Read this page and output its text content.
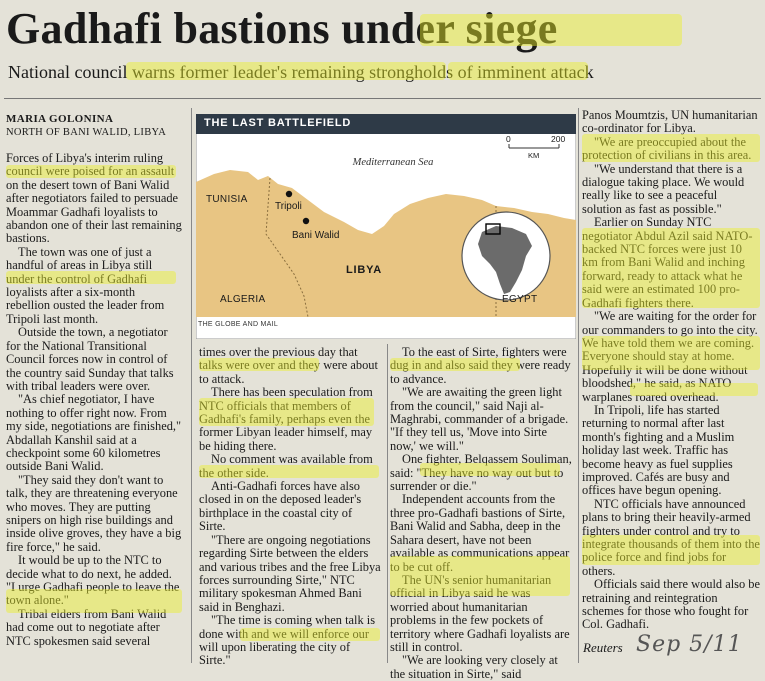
Gadhafi bastions under siege

National council warns former leader's remaining strongholds of imminent attack

MARIA GOLONINA
NORTH OF BANI WALID, LIBYA

Forces of Libya's interim ruling council were poised for an assault on the desert town of Bani Walid after negotiators failed to persuade Moammar Gadhafi loyalists to abandon one of their last remaining bastions.

The town was one of just a handful of areas in Libya still under the control of Gadhafi loyalists after a six-month rebellion ousted the leader from Tripoli last month.

Outside the town, a negotiator for the National Transitional Council forces now in control of the country said Sunday that talks with tribal leaders were over.

"As chief negotiator, I have nothing to offer right now. From my side, negotiations are finished," Abdallah Kanshil said at a checkpoint some 60 kilometres outside Bani Walid.

"They said they don't want to talk, they are threatening everyone who moves. They are putting snipers on high rise buildings and inside olive groves, they have a big fire force," he said.

It would be up to the NTC to decide what to do next, he added. "I urge Gadhafi people to leave the town alone."

Tribal elders from Bani Walid had come out to negotiate after NTC spokesmen said several

THE LAST BATTLEFIELD
Mediterranean Sea
0	200
KM
TUNISIA
Tripoli
Bani Walid
LIBYA
ALGERIA	EGYPT
THE GLOBE AND MAIL

times over the previous day that talks were over and they were about to attack.

There has been speculation from NTC officials that members of Gadhafi's family, perhaps even the former Libyan leader himself, may be hiding there.

No comment was available from the other side.

Anti-Gadhafi forces have also closed in on the deposed leader's birthplace in the coastal city of Sirte.

"There are ongoing negotiations regarding Sirte between the elders and various tribes and the free Libya forces surrounding Sirte," NTC military spokesman Ahmed Bani said in Benghazi.

"The time is coming when talk is done with and we will enforce our will upon liberating the city of Sirte."

To the east of Sirte, fighters were dug in and also said they were ready to advance.

"We are awaiting the green light from the council," said Naji al-Maghrabi, commander of a brigade. "If they tell us, 'Move into Sirte now,' we will."

One fighter, Belqassem Souliman, said: "They have no way out but to surrender or die."

Independent accounts from the three pro-Gadhafi bastions of Sirte, Bani Walid and Sabha, deep in the Sahara desert, have not been available as communications appear to be cut off.

The UN's senior humanitarian official in Libya said he was worried about humanitarian problems in the few pockets of territory where Gadhafi loyalists are still in control.

"We are looking very closely at the situation in Sirte," said

Panos Moumtzis, UN humanitarian co-ordinator for Libya.

"We are preoccupied about the protection of civilians in this area.

"We understand that there is a dialogue taking place. We would really like to see a peaceful solution as fast as possible."

Earlier on Sunday NTC negotiator Abdul Azil said NATO-backed NTC forces were just 10 km from Bani Walid and inching forward, ready to attack what he said were an estimated 100 pro-Gadhafi fighters there.

"We are waiting for the order for our commanders to go into the city. We have told them we are coming. Everyone should stay at home. Hopefully it will be done without bloodshed," he said, as NATO warplanes roared overhead.

In Tripoli, life has started returning to normal after last month's fighting and a Muslim holiday last week. Traffic has become heavy as fuel supplies improved. Cafés are busy and offices have begun opening.

NTC officials have announced plans to bring their heavily-armed fighters under control and try to integrate thousands of them into the police force and find jobs for others.

Officials said there would also be retraining and reintegration schemes for those who fought for Col. Gadhafi.

Reuters Sep 5/11
